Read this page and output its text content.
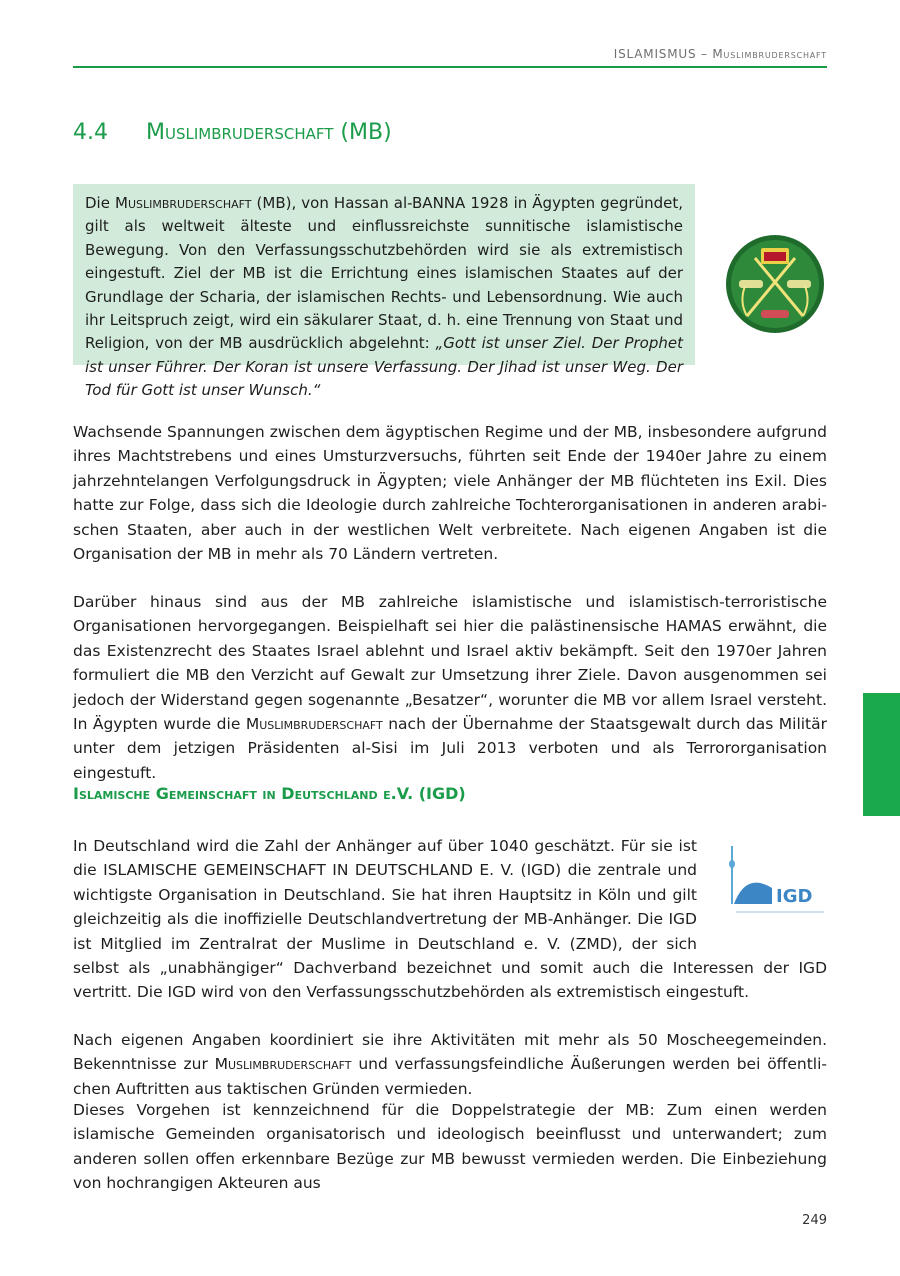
ISLAMISMUS – Muslimbruderschaft
4.4 Muslimbruderschaft (MB)
Die Muslimbruderschaft (MB), von Hassan al-BANNA 1928 in Ägypten gegründet, gilt als weltweit älteste und einflussreichste sunnitische islamistische Bewegung. Von den Verfassungsschutzbehörden wird sie als extremistisch eingestuft. Ziel der MB ist die Errichtung eines islamischen Staates auf der Grundlage der Scharia, der islamischen Rechts- und Lebensordnung. Wie auch ihr Leitspruch zeigt, wird ein säkularer Staat, d. h. eine Trennung von Staat und Religion, von der MB ausdrücklich abgelehnt: „Gott ist unser Ziel. Der Prophet ist unser Führer. Der Koran ist unsere Verfassung. Der Jihad ist unser Weg. Der Tod für Gott ist unser Wunsch.“
Wachsende Spannungen zwischen dem ägyptischen Regime und der MB, insbesondere aufgrund ihres Machtstrebens und eines Umsturzversuchs, führten seit Ende der 1940er Jahre zu einem jahrzehntelangen Verfolgungsdruck in Ägypten; viele Anhänger der MB flüchteten ins Exil. Dies hatte zur Folge, dass sich die Ideologie durch zahlreiche Tochterorganisationen in anderen arabischen Staaten, aber auch in der westlichen Welt verbreitete. Nach eigenen Angaben ist die Organisation der MB in mehr als 70 Ländern vertreten.
Darüber hinaus sind aus der MB zahlreiche islamistische und islamistisch-terroristische Organisationen hervorgegangen. Beispielhaft sei hier die palästinensische HAMAS erwähnt, die das Existenzrecht des Staates Israel ablehnt und Israel aktiv bekämpft. Seit den 1970er Jahren formuliert die MB den Verzicht auf Gewalt zur Umsetzung ihrer Ziele. Davon ausgenommen sei jedoch der Widerstand gegen sogenannte „Besatzer“, worunter die MB vor allem Israel versteht. In Ägypten wurde die Muslimbruderschaft nach der Übernahme der Staatsgewalt durch das Militär unter dem jetzigen Präsidenten al-Sisi im Juli 2013 verboten und als Terrororganisation eingestuft.
Islamische Gemeinschaft in Deutschland e.V. (IGD)
In Deutschland wird die Zahl der Anhänger auf über 1040 geschätzt. Für sie ist die ISLAMISCHE GEMEINSCHAFT IN DEUTSCHLAND E. V. (IGD) die zentrale und wichtigste Organisation in Deutschland. Sie hat ihren Hauptsitz in Köln und gilt gleichzeitig als die inoffizielle Deutschlandvertretung der MB-Anhänger. Die IGD ist Mitglied im Zentralrat der Muslime in Deutschland e. V. (ZMD), der sich selbst als „unabhängiger“ Dachverband bezeichnet und somit auch die Interessen der IGD vertritt. Die IGD wird von den Verfassungsschutzbehörden als extremistisch eingestuft.
IGD
Nach eigenen Angaben koordiniert sie ihre Aktivitäten mit mehr als 50 Moscheegemeinden. Bekenntnisse zur Muslimbruderschaft und verfassungsfeindliche Äußerungen werden bei öffentlichen Auftritten aus taktischen Gründen vermieden.
Dieses Vorgehen ist kennzeichnend für die Doppelstrategie der MB: Zum einen werden islamische Gemeinden organisatorisch und ideologisch beeinflusst und unterwandert; zum anderen sollen offen erkennbare Bezüge zur MB bewusst vermieden werden. Die Einbeziehung von hochrangigen Akteuren aus
249
